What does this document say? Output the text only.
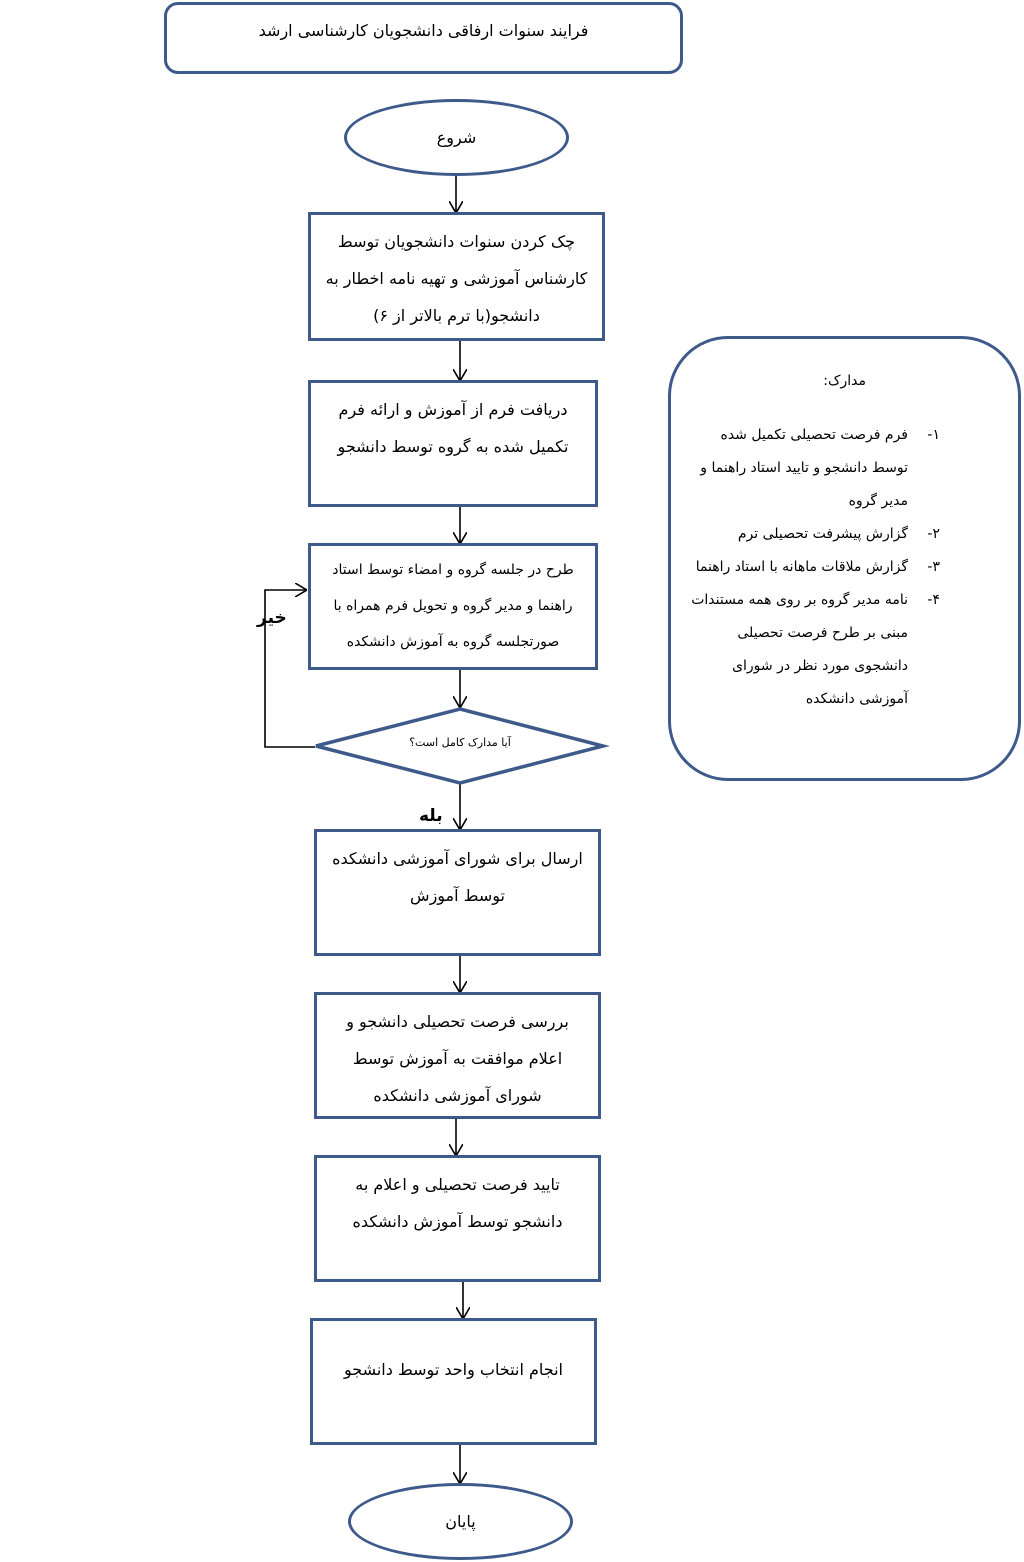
فرایند سنوات ارفاقی دانشجویان کارشناسی ارشد
شروع
چک کردن سنوات دانشجویان توسط کارشناس آموزشی و تهیه نامه اخطار به دانشجو(با ترم بالاتر از ۶)
دریافت فرم از آموزش و ارائه فرم تکمیل شده به گروه توسط دانشجو
طرح در جلسه گروه و امضاء توسط استاد راهنما و مدیر گروه و تحویل فرم همراه با صورتجلسه گروه به آموزش دانشکده
آیا مدارک کامل است؟
خیر
بله
ارسال برای شورای آموزشی دانشکده توسط آموزش
بررسی فرصت تحصیلی دانشجو و اعلام موافقت به آموزش توسط شورای آموزشی دانشکده
تایید فرصت تحصیلی و اعلام به دانشجو توسط آموزش دانشکده
انجام انتخاب واحد توسط دانشجو
پایان
مدارک:
۱-
فرم فرصت تحصیلی تکمیل شده توسط دانشجو و تایید استاد راهنما و مدیر گروه
۲-
گزارش پیشرفت تحصیلی ترم
۳-
گزارش ملاقات ماهانه با استاد راهنما
۴-
نامه مدیر گروه بر روی همه مستندات مبنی بر طرح فرصت تحصیلی دانشجوی مورد نظر در شورای آموزشی دانشکده
